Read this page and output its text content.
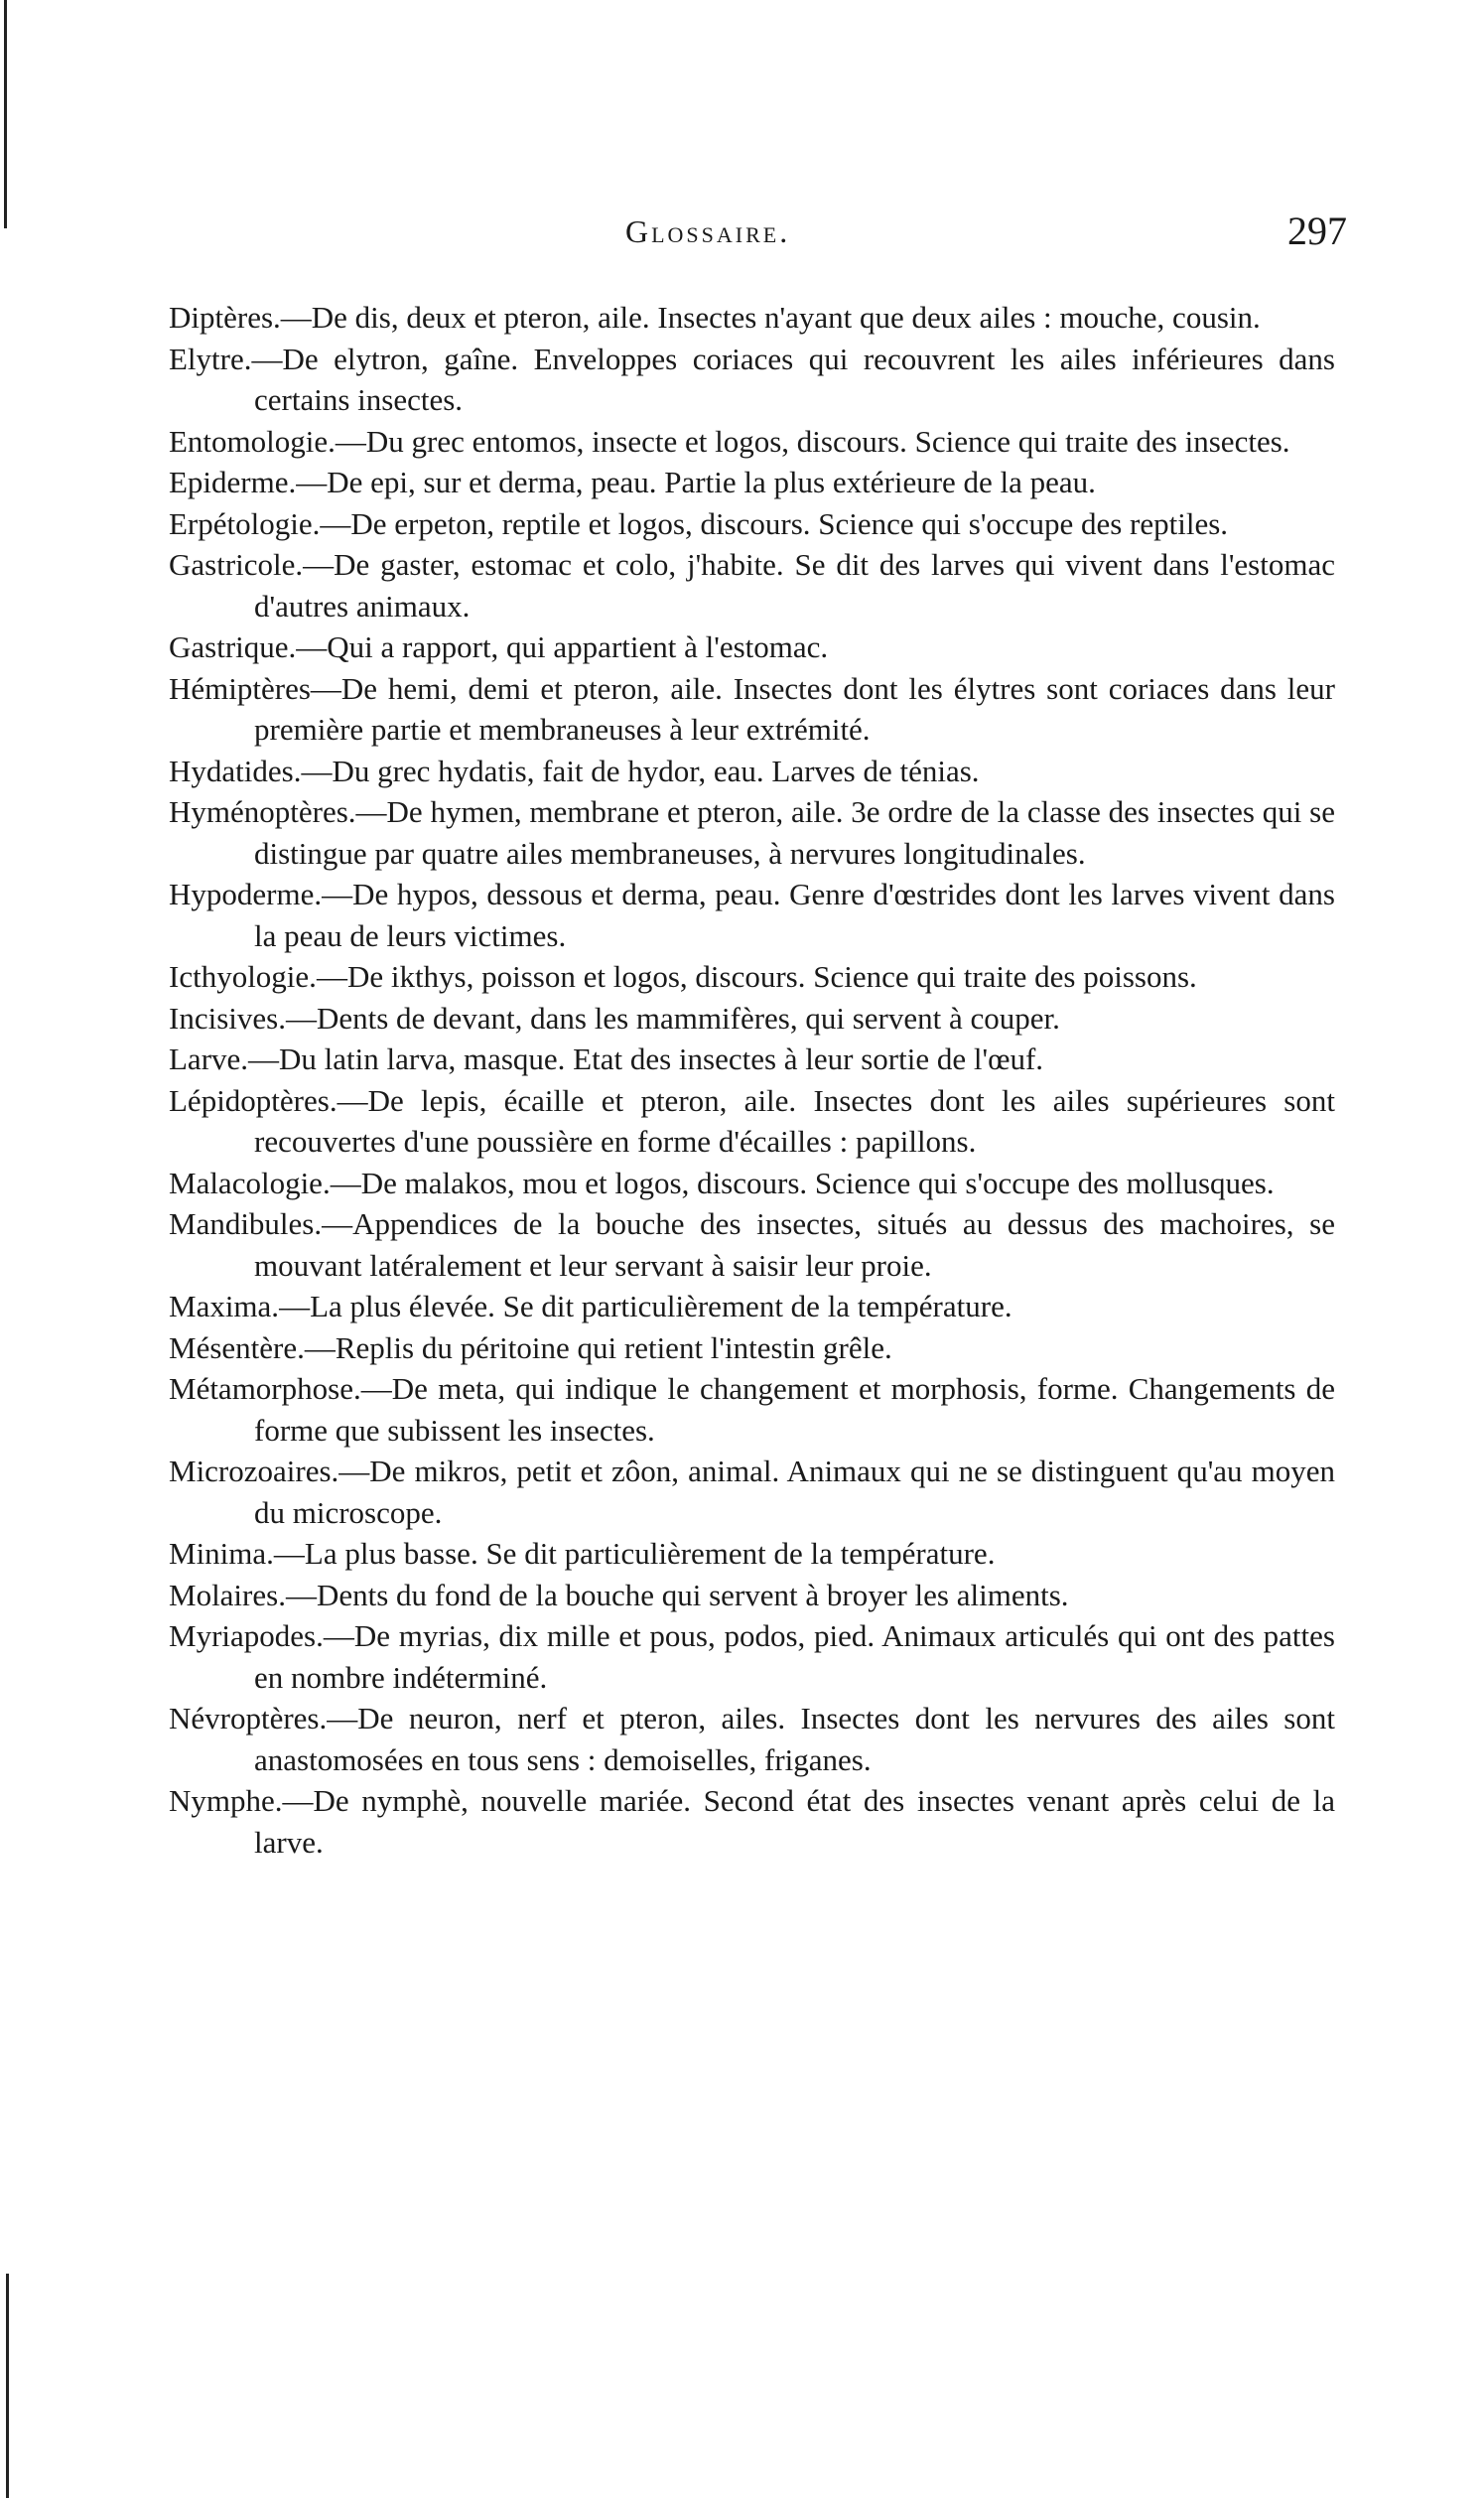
Glossaire.	297

Diptères.—De dis, deux et pteron, aile. Insectes n'ayant que deux ailes : mouche, cousin.

Elytre.—De elytron, gaîne. Enveloppes coriaces qui recouvrent les ailes inférieures dans certains insectes.

Entomologie.—Du grec entomos, insecte et logos, discours. Science qui traite des insectes.

Epiderme.—De epi, sur et derma, peau. Partie la plus extérieure de la peau.

Erpétologie.—De erpeton, reptile et logos, discours. Science qui s'occupe des reptiles.

Gastricole.—De gaster, estomac et colo, j'habite. Se dit des larves qui vivent dans l'estomac d'autres animaux.

Gastrique.—Qui a rapport, qui appartient à l'estomac.

Hémiptères—De hemi, demi et pteron, aile. Insectes dont les élytres sont coriaces dans leur première partie et membraneuses à leur extrémité.

Hydatides.—Du grec hydatis, fait de hydor, eau. Larves de ténias.

Hyménoptères.—De hymen, membrane et pteron, aile. 3e ordre de la classe des insectes qui se distingue par quatre ailes membraneuses, à nervures longitudinales.

Hypoderme.—De hypos, dessous et derma, peau. Genre d'œstrides dont les larves vivent dans la peau de leurs victimes.

Icthyologie.—De ikthys, poisson et logos, discours. Science qui traite des poissons.

Incisives.—Dents de devant, dans les mammifères, qui servent à couper.

Larve.—Du latin larva, masque. Etat des insectes à leur sortie de l'œuf.

Lépidoptères.—De lepis, écaille et pteron, aile. Insectes dont les ailes supérieures sont recouvertes d'une poussière en forme d'écailles : papillons.

Malacologie.—De malakos, mou et logos, discours. Science qui s'occupe des mollusques.

Mandibules.—Appendices de la bouche des insectes, situés au dessus des machoires, se mouvant latéralement et leur servant à saisir leur proie.

Maxima.—La plus élevée. Se dit particulièrement de la température.

Mésentère.—Replis du péritoine qui retient l'intestin grêle.

Métamorphose.—De meta, qui indique le changement et morphosis, forme. Changements de forme que subissent les insectes.

Microzoaires.—De mikros, petit et zôon, animal. Animaux qui ne se distinguent qu'au moyen du microscope.

Minima.—La plus basse. Se dit particulièrement de la température.

Molaires.—Dents du fond de la bouche qui servent à broyer les aliments.

Myriapodes.—De myrias, dix mille et pous, podos, pied. Animaux articulés qui ont des pattes en nombre indéterminé.

Névroptères.—De neuron, nerf et pteron, ailes. Insectes dont les nervures des ailes sont anastomosées en tous sens : demoiselles, friganes.

Nymphe.—De nymphè, nouvelle mariée. Second état des insectes venant après celui de la larve.
